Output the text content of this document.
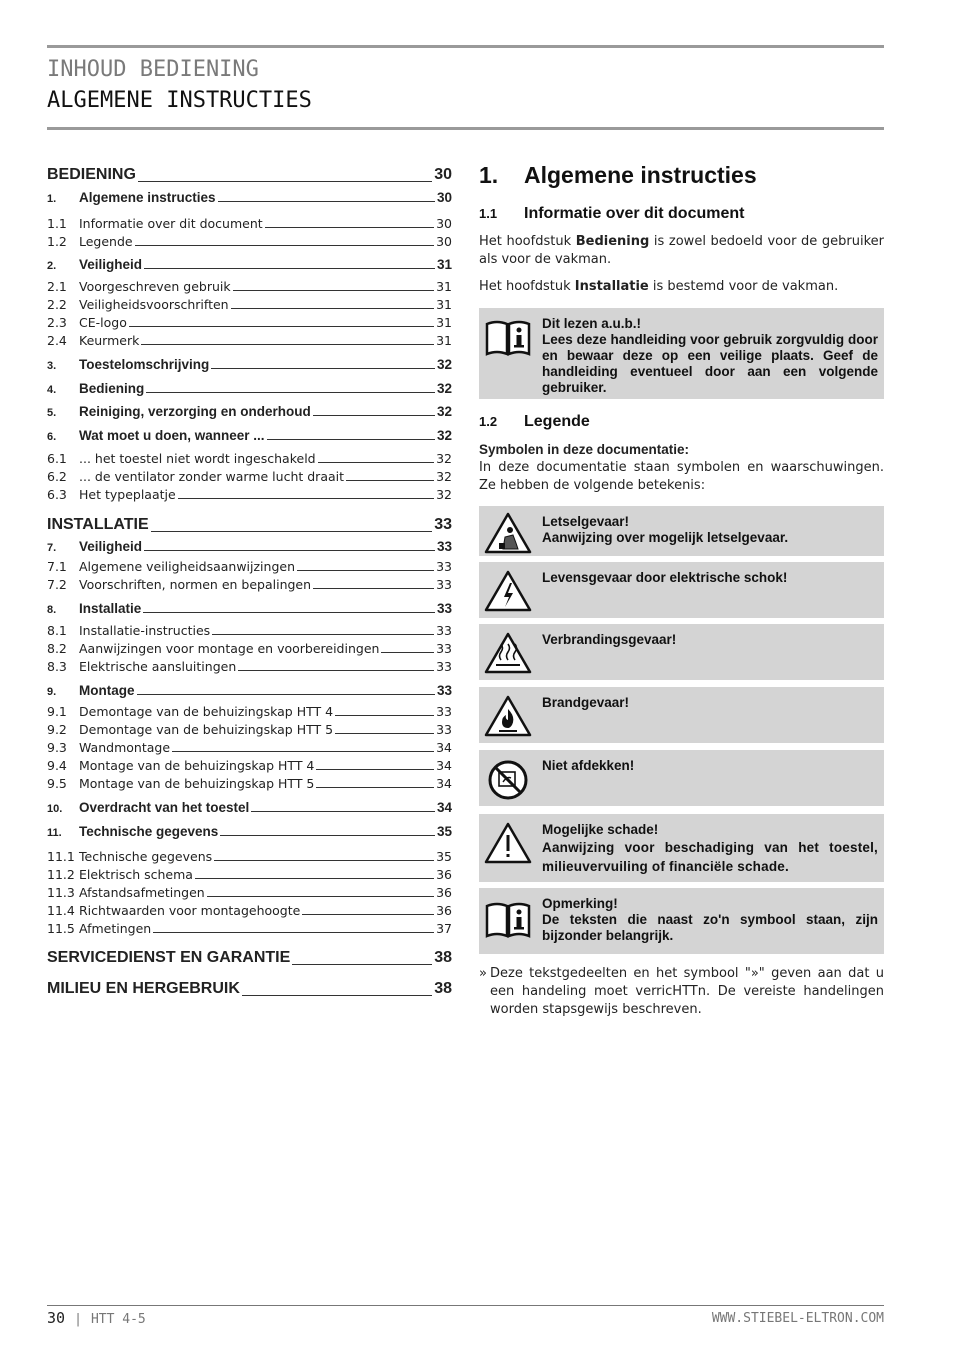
INHOUD BEDIENING
ALGEMENE INSTRUCTIES
BEDIENING	30
1.	Algemene instructies	30
1.1 Informatie over dit document	30
1.2 Legende	30
2.	Veiligheid	31
2.1 Voorgeschreven gebruik	31
2.2 Veiligheidsvoorschriften	31
2.3 CE-logo	31
2.4 Keurmerk	31
3.	Toestelomschrijving	32
4.	Bediening	32
5.	Reiniging, verzorging en onderhoud	32
6.	Wat moet u doen, wanneer ...	32
6.1 ... het toestel niet wordt ingeschakeld	32
6.2 ... de ventilator zonder warme lucht draait	32
6.3 Het typeplaatje	32
INSTALLATIE	33
7.	Veiligheid	33
7.1 Algemene veiligheidsaanwijzingen	33
7.2 Voorschriften, normen en bepalingen	33
8.	Installatie	33
8.1 Installatie-instructies	33
8.2 Aanwijzingen voor montage en voorbereidingen	33
8.3 Elektrische aansluitingen	33
9.	Montage	33
9.1 Demontage van de behuizingskap HTT 4	33
9.2 Demontage van de behuizingskap HTT 5	33
9.3 Wandmontage	34
9.4 Montage van de behuizingskap HTT 4	34
9.5 Montage van de behuizingskap HTT 5	34
10.	Overdracht van het toestel	34
11.	Technische gegevens	35
11.1 Technische gegevens	35
11.2 Elektrisch schema	36
11.3 Afstandsafmetingen	36
11.4 Richtwaarden voor montagehoogte	36
11.5 Afmetingen	37
SERVICEDIENST EN GARANTIE	38
MILIEU EN HERGEBRUIK	38
1. Algemene instructies
1.1 Informatie over dit document
Het hoofdstuk Bediening is zowel bedoeld voor de gebruiker als voor de vakman.
Het hoofdstuk Installatie is bestemd voor de vakman.
Dit lezen a.u.b.!
Lees deze handleiding voor gebruik zorgvuldig door en bewaar deze op een veilige plaats. Geef de handleiding eventueel door aan een volgende gebruiker.
1.2 Legende
Symbolen in deze documentatie:
In deze documentatie staan symbolen en waarschuwingen. Ze hebben de volgende betekenis:
Letselgevaar!
Aanwijzing over mogelijk letselgevaar.
Levensgevaar door elektrische schok!
Verbrandingsgevaar!
Brandgevaar!
Niet afdekken!
Mogelijke schade!
Aanwijzing voor beschadiging van het toestel, milieuvervuiling of financiële schade.
Opmerking!
De teksten die naast zo'n symbool staan, zijn bijzonder belangrijk.
» Deze tekstgedeelten en het symbool "»" geven aan dat u een handeling moet verricHTTn. De vereiste handelingen worden stapsgewijs beschreven.
30 | HTT 4-5	WWW.STIEBEL-ELTRON.COM
